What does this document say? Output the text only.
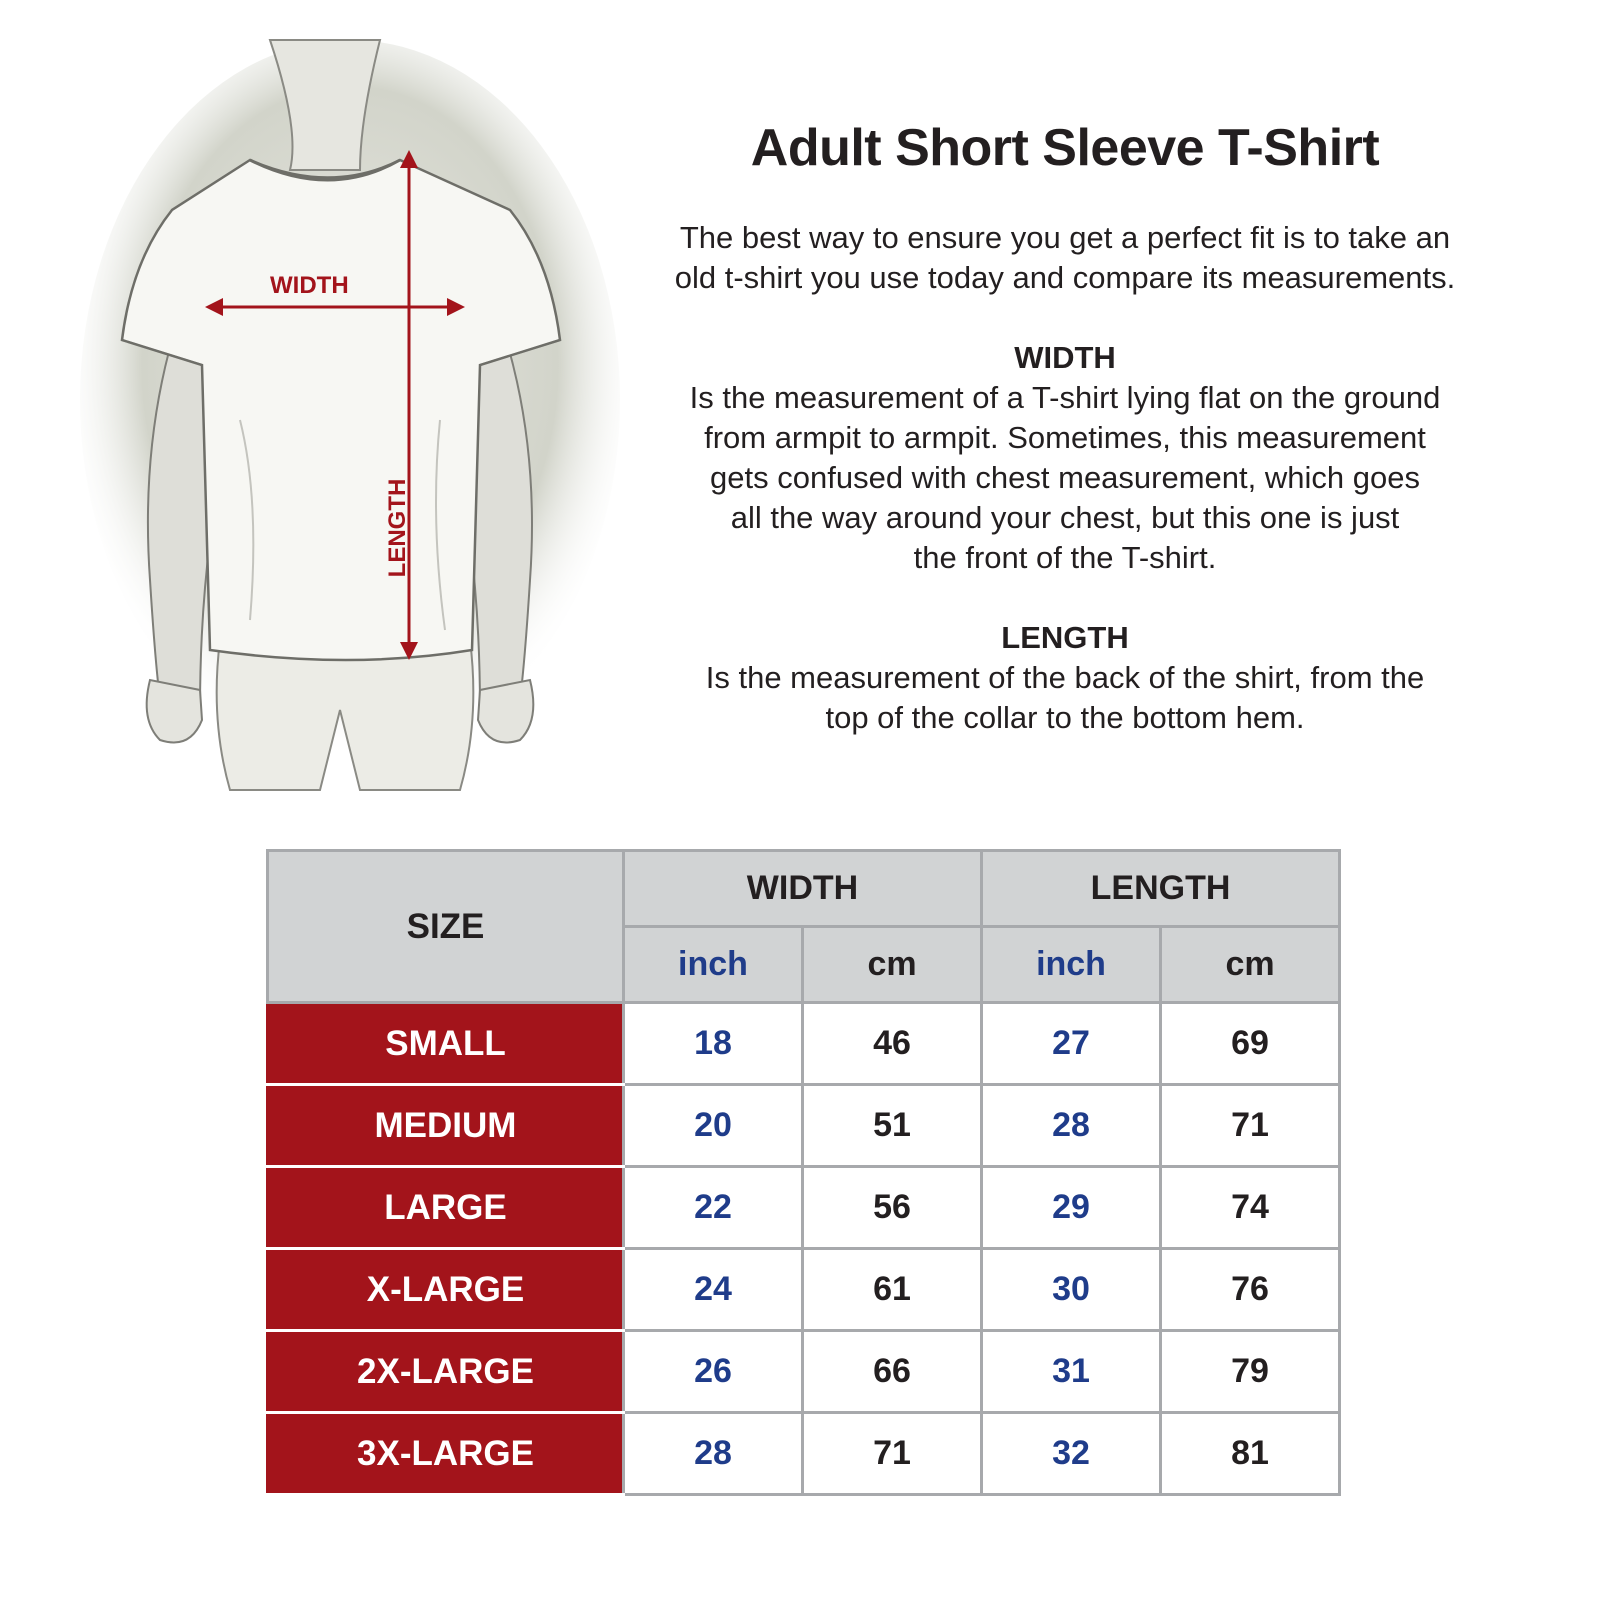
WIDTH
LENGTH
Adult Short Sleeve T-Shirt

The best way to ensure you get a perfect fit is to take an
old t-shirt you use today and compare its measurements.

WIDTH

Is the measurement of a T-shirt lying flat on the ground
from armpit to armpit. Sometimes, this measurement
gets confused with chest measurement, which goes
all the way around your chest, but this one is just
the front of the T-shirt.

LENGTH

Is the measurement of the back of the shirt, from the
top of the collar to the bottom hem.

SIZE	WIDTH		LENGTH	
	inch	cm	inch	cm
SMALL	18	46	27	69
MEDIUM	20	51	28	71
LARGE	22	56	29	74
X-LARGE	24	61	30	76
2X-LARGE	26	66	31	79
3X-LARGE	28	71	32	81
